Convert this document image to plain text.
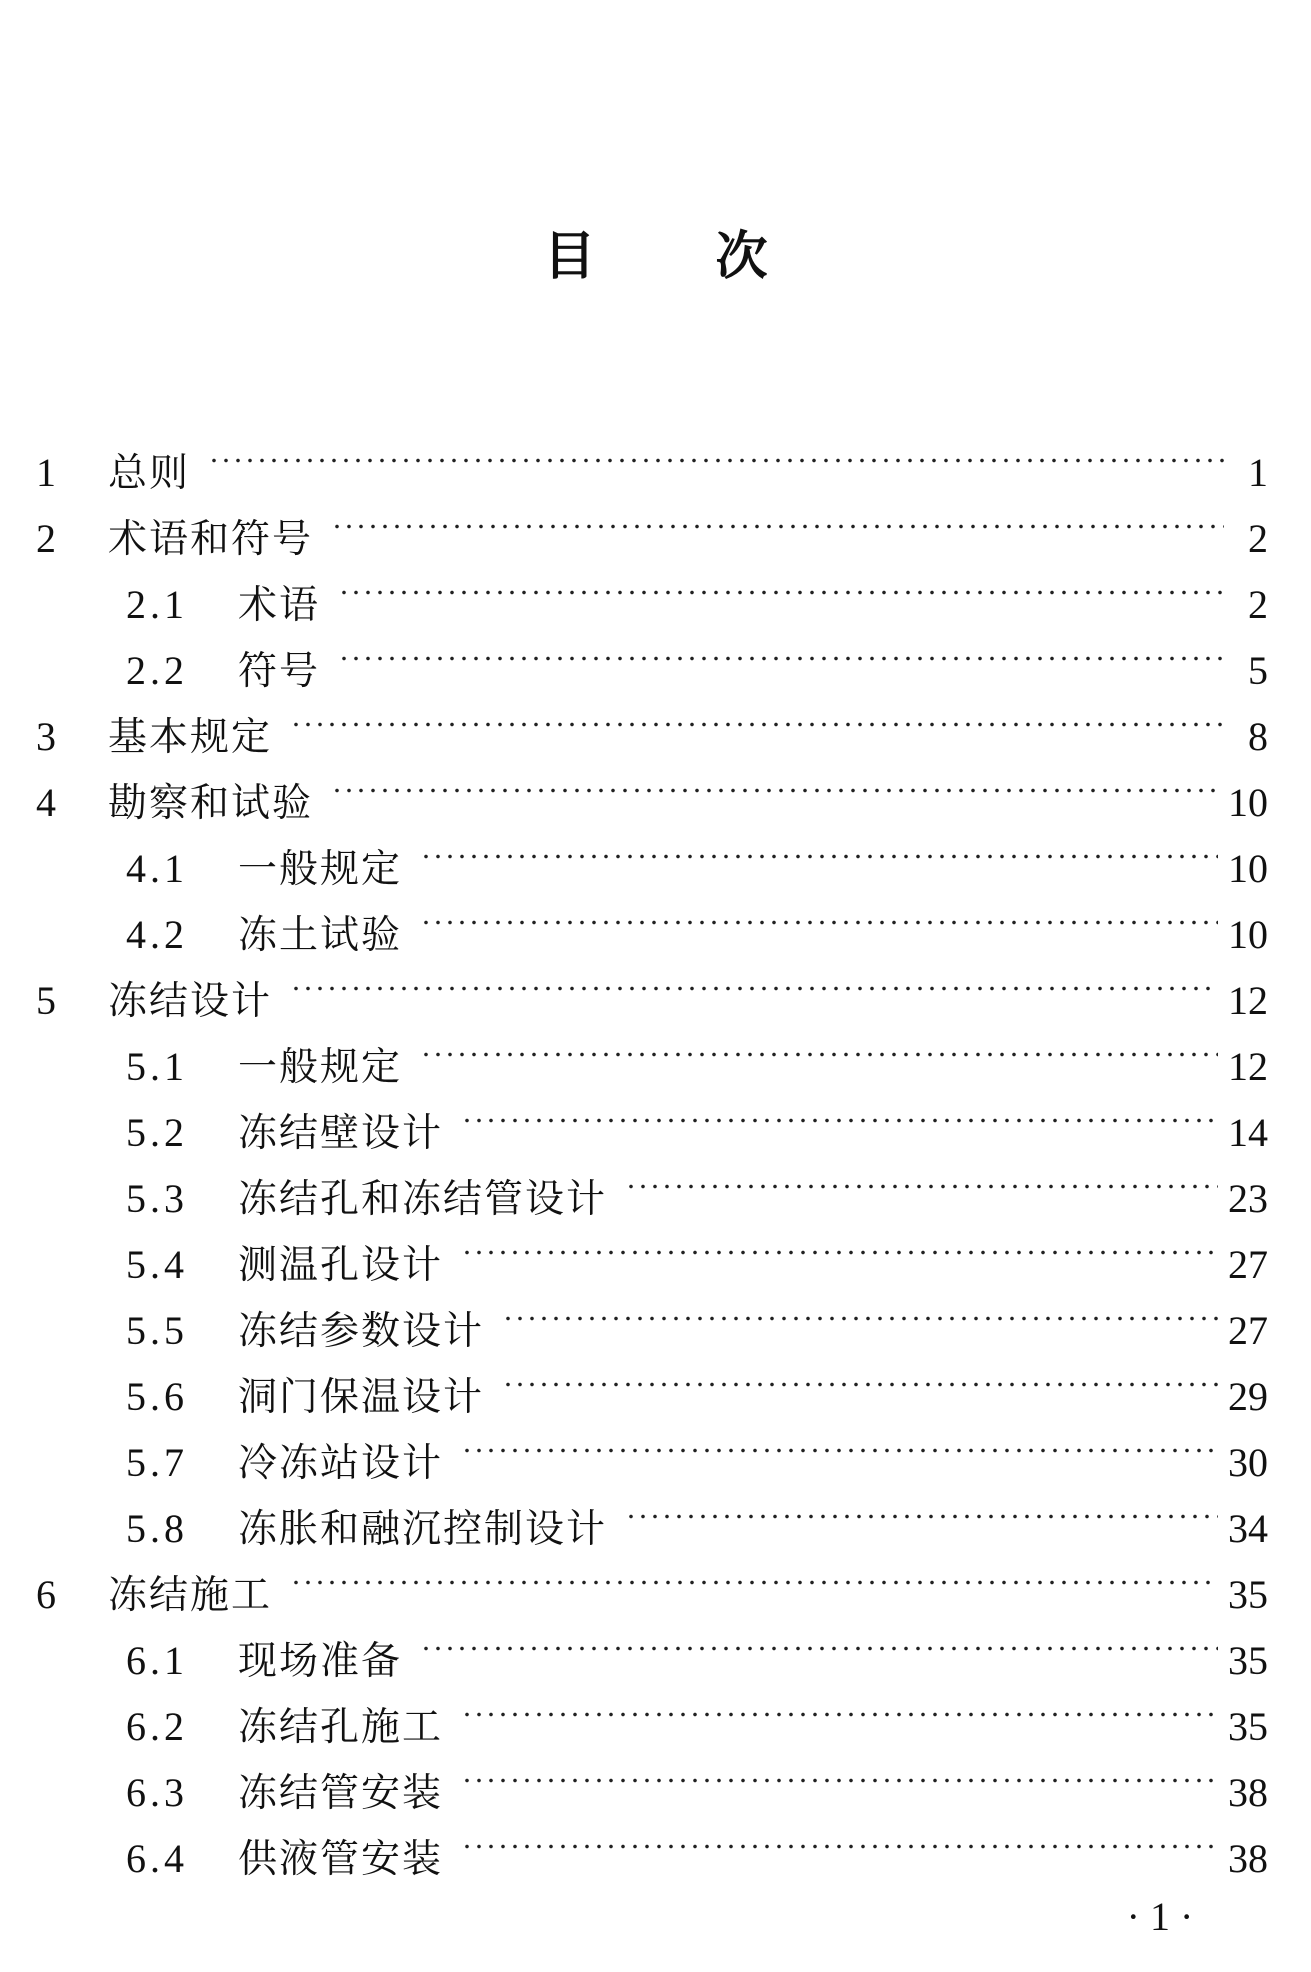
目次
1	总则	1
2	术语和符号	2
2.1	术语	2
2.2	符号	5
3	基本规定	8
4	勘察和试验	10
4.1	一般规定	10
4.2	冻土试验	10
5	冻结设计	12
5.1	一般规定	12
5.2	冻结壁设计	14
5.3	冻结孔和冻结管设计	23
5.4	测温孔设计	27
5.5	冻结参数设计	27
5.6	洞门保温设计	29
5.7	冷冻站设计	30
5.8	冻胀和融沉控制设计	34
6	冻结施工	35
6.1	现场准备	35
6.2	冻结孔施工	35
6.3	冻结管安装	38
6.4	供液管安装	38
· 1 ·
